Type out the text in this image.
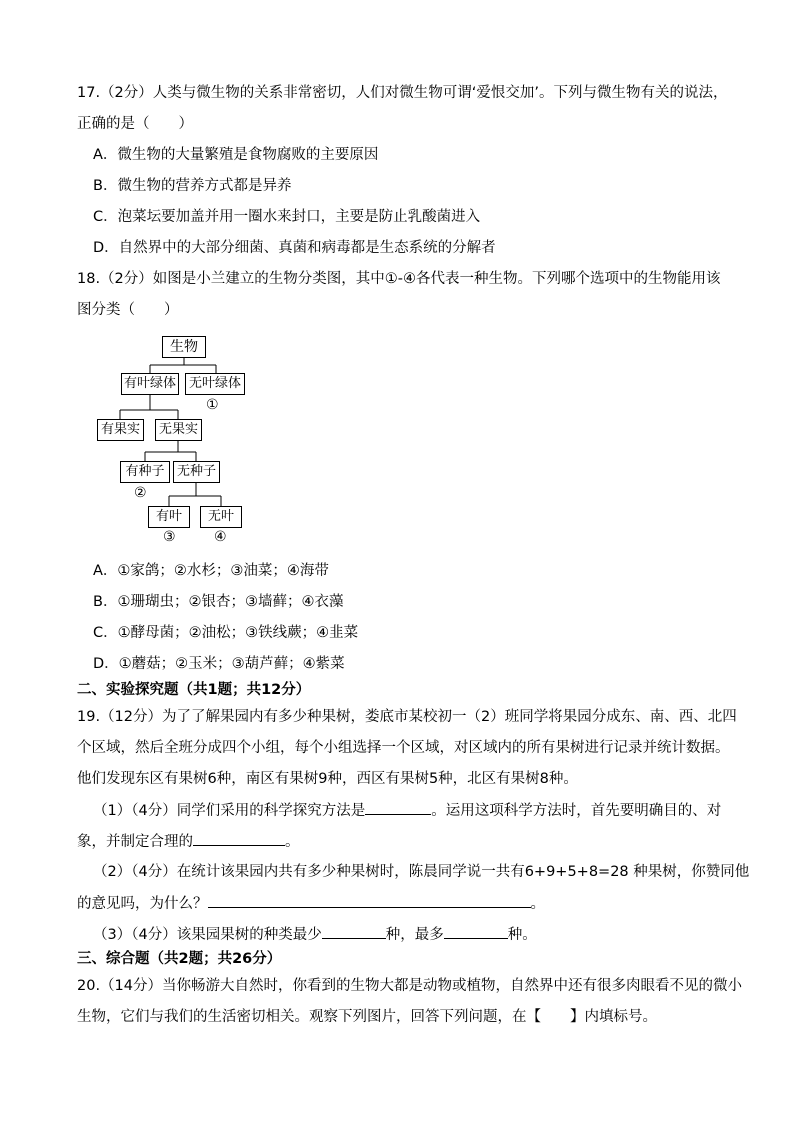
17.（2分）人类与微生物的关系非常密切，人们对微生物可谓‘爱恨交加’。下列与微生物有关的说法，
正确的是（　　）
A．微生物的大量繁殖是食物腐败的主要原因
B．微生物的营养方式都是异养
C．泡菜坛要加盖并用一圈水来封口，主要是防止乳酸菌进入
D．自然界中的大部分细菌、真菌和病毒都是生态系统的分解者
18.（2分）如图是小兰建立的生物分类图，其中①-④各代表一种生物。下列哪个选项中的生物能用该
图分类（　　）
生物
有叶绿体 无叶绿体
①
有果实	无果实
有种子 无种子
②
有叶	无叶
③	④
A．①家鸽；②水杉；③油菜；④海带
B．①珊瑚虫；②银杏；③墙藓；④衣藻
C．①酵母菌；②油松；③铁线蕨；④韭菜
D．①蘑菇；②玉米；③葫芦藓；④紫菜
二、实验探究题（共1题；共12分）
19.（12分）为了了解果园内有多少种果树，娄底市某校初一（2）班同学将果园分成东、南、西、北四
个区域，然后全班分成四个小组，每个小组选择一个区域，对区域内的所有果树进行记录并统计数据。
他们发现东区有果树6种，南区有果树9种，西区有果树5种，北区有果树8种。
（1）（4分）同学们采用的科学探究方法是	。运用这项科学方法时，首先要明确目的、对
象，并制定合理的	。
（2）（4分）在统计该果园内共有多少种果树时，陈晨同学说一共有6+9+5+8=28 种果树，你赞同他
的意见吗，为什么？	。
（3）（4分）该果园果树的种类最少	种，最多	种。
三、综合题（共2题；共26分）
20.（14分）当你畅游大自然时，你看到的生物大都是动物或植物，自然界中还有很多肉眼看不见的微小
生物，它们与我们的生活密切相关。观察下列图片，回答下列问题，在【　　】内填标号。
